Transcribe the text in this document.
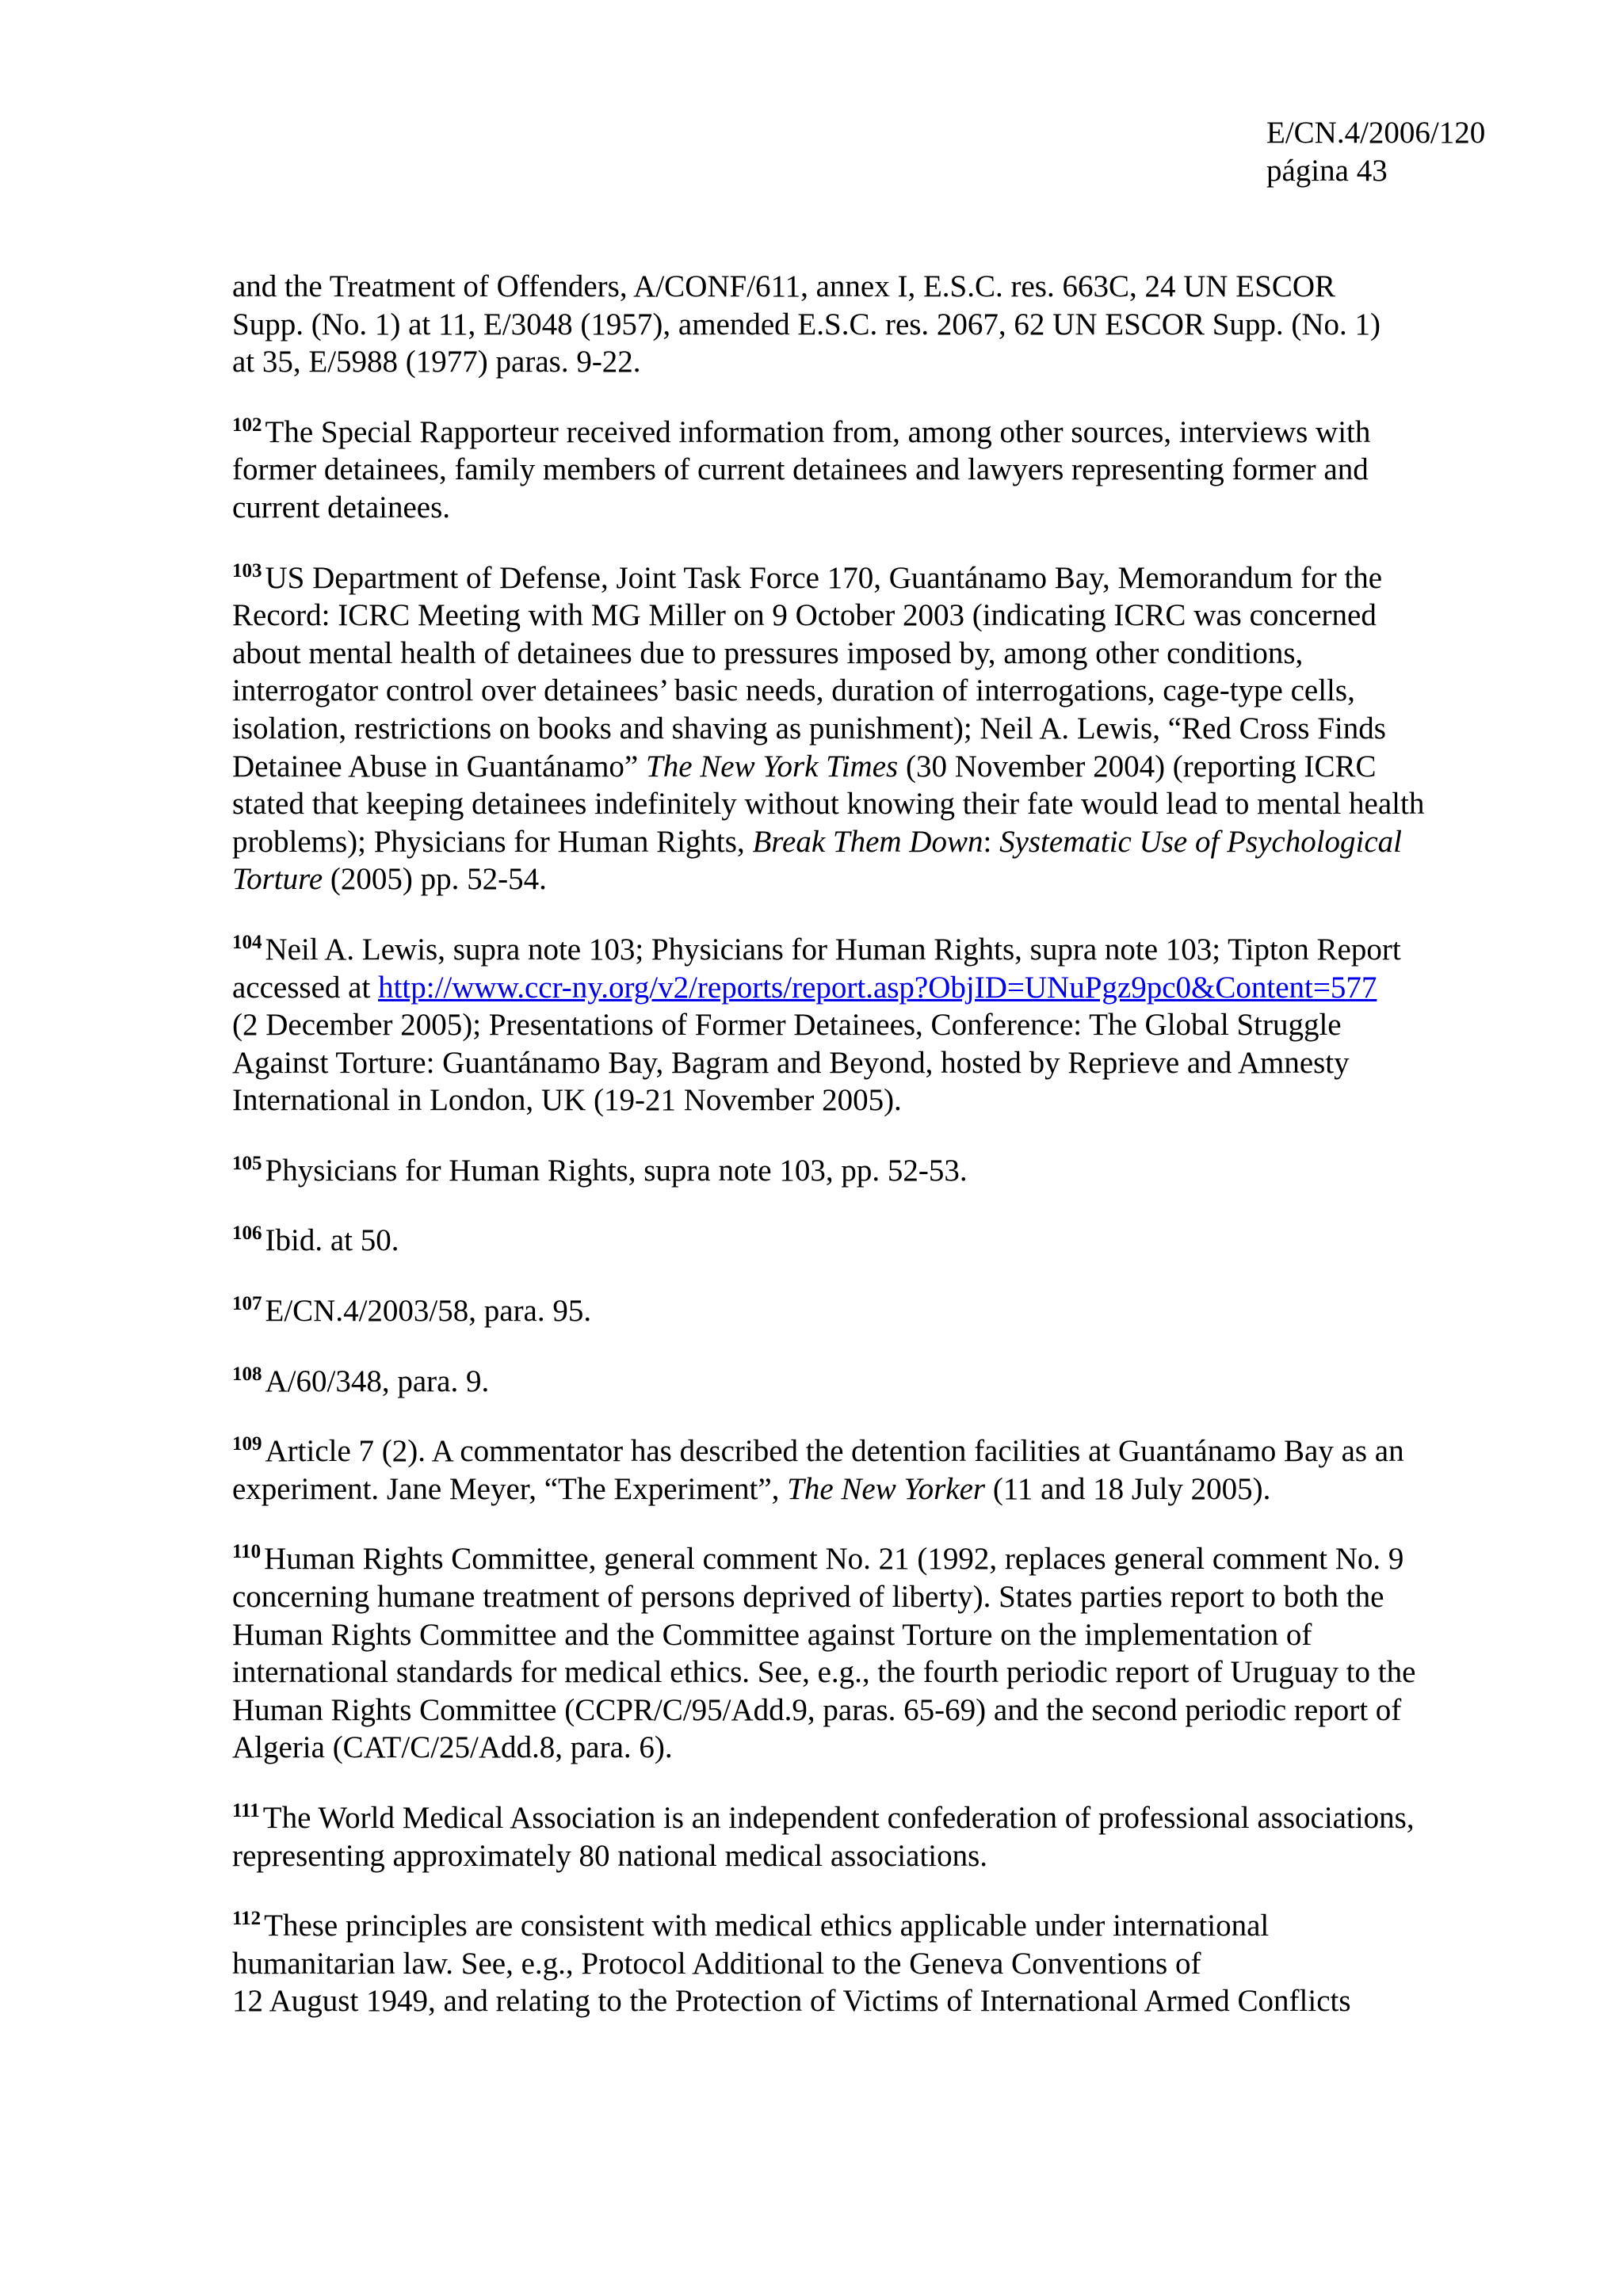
E/CN.4/2006/120
página 43
and the Treatment of Offenders, A/CONF/611, annex I, E.S.C. res. 663C, 24 UN ESCOR
Supp. (No. 1) at 11, E/3048 (1957), amended E.S.C. res. 2067, 62 UN ESCOR Supp. (No. 1)
at 35, E/5988 (1977) paras. 9-22.
$^{102}$ The Special Rapporteur received information from, among other sources, interviews with
former detainees, family members of current detainees and lawyers representing former and
current detainees.
$^{103}$ US Department of Defense, Joint Task Force 170, Guantánamo Bay, Memorandum for the
Record: ICRC Meeting with MG Miller on 9 October 2003 (indicating ICRC was concerned
about mental health of detainees due to pressures imposed by, among other conditions,
interrogator control over detainees’ basic needs, duration of interrogations, cage-type cells,
isolation, restrictions on books and shaving as punishment); Neil A. Lewis, “Red Cross Finds
Detainee Abuse in Guantánamo” The New York Times (30 November 2004) (reporting ICRC
stated that keeping detainees indefinitely without knowing their fate would lead to mental health
problems); Physicians for Human Rights, Break Them Down: Systematic Use of Psychological
Torture (2005) pp. 52-54.
$^{104}$ Neil A. Lewis, supra note 103; Physicians for Human Rights, supra note 103; Tipton Report
accessed at http://www.ccr-ny.org/v2/reports/report.asp?ObjID=UNuPgz9pc0&Content=577
(2 December 2005); Presentations of Former Detainees, Conference: The Global Struggle
Against Torture: Guantánamo Bay, Bagram and Beyond, hosted by Reprieve and Amnesty
International in London, UK (19-21 November 2005).
$^{105}$ Physicians for Human Rights, supra note 103, pp. 52-53.
$^{106}$ Ibid. at 50.
$^{107}$ E/CN.4/2003/58, para. 95.
$^{108}$ A/60/348, para. 9.
$^{109}$ Article 7 (2). A commentator has described the detention facilities at Guantánamo Bay as an
experiment. Jane Meyer, “The Experiment”, The New Yorker (11 and 18 July 2005).
$^{110}$ Human Rights Committee, general comment No. 21 (1992, replaces general comment No. 9
concerning humane treatment of persons deprived of liberty). States parties report to both the
Human Rights Committee and the Committee against Torture on the implementation of
international standards for medical ethics. See, e.g., the fourth periodic report of Uruguay to the
Human Rights Committee (CCPR/C/95/Add.9, paras. 65-69) and the second periodic report of
Algeria (CAT/C/25/Add.8, para. 6).
$^{111}$ The World Medical Association is an independent confederation of professional associations,
representing approximately 80 national medical associations.
$^{112}$ These principles are consistent with medical ethics applicable under international
humanitarian law. See, e.g., Protocol Additional to the Geneva Conventions of
12 August 1949, and relating to the Protection of Victims of International Armed Conflicts
